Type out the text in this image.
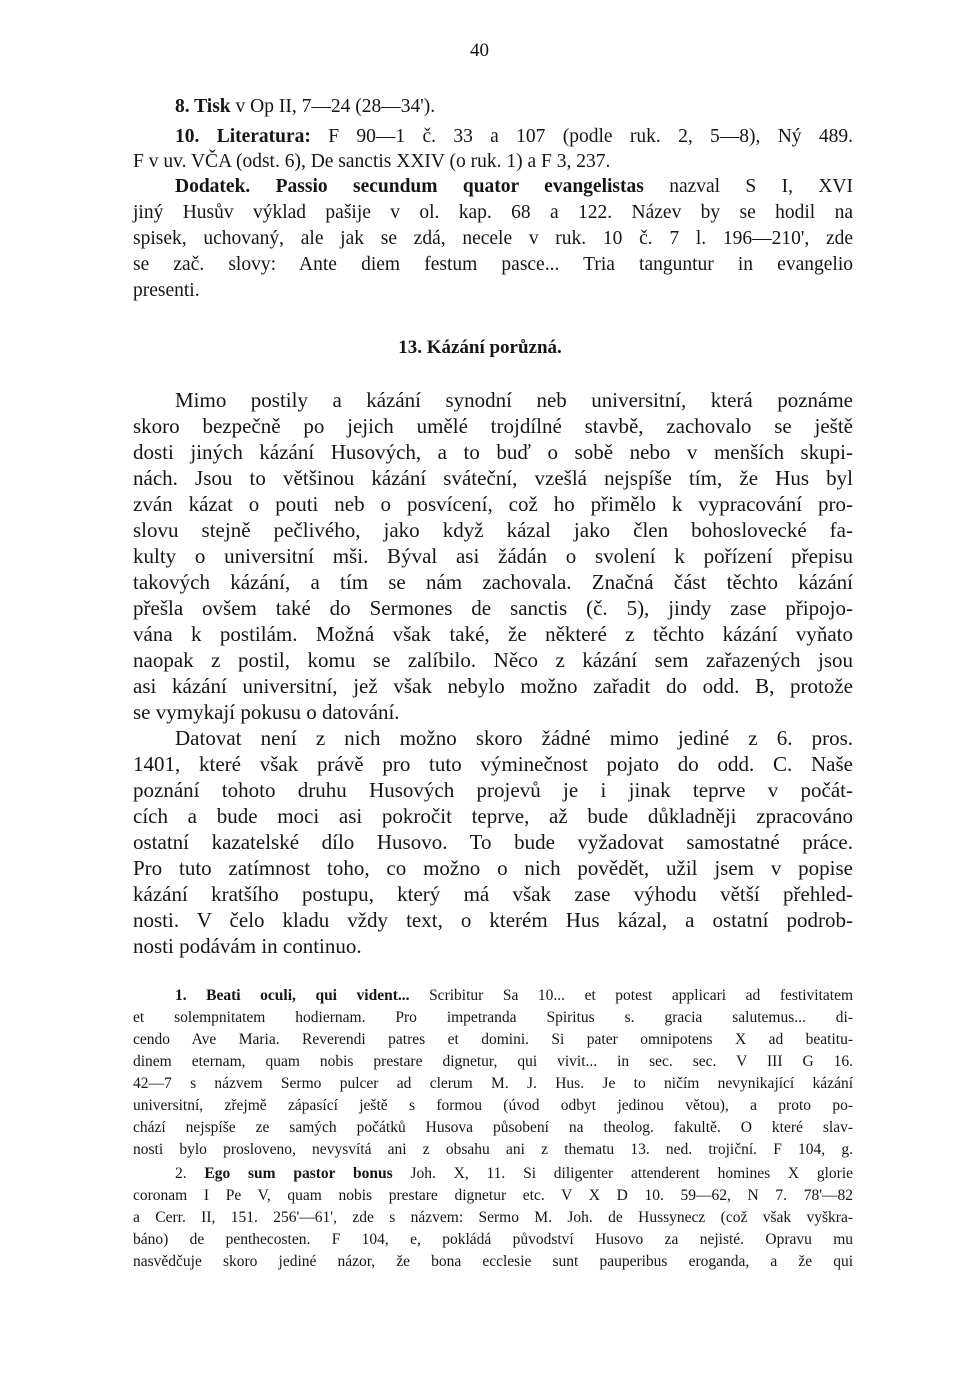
40
8. Tisk v Op II, 7—24 (28—34').
10. Literatura: F 90—1 č. 33 a 107 (podle ruk. 2, 5—8), Ný 489.
F v uv. VČA (odst. 6), De sanctis XXIV (o ruk. 1) a F 3, 237.
Dodatek. Passio secundum quator evangelistas nazval S I, XVI
jiný Husův výklad pašije v ol. kap. 68 a 122. Název by se hodil na
spisek, uchovaný, ale jak se zdá, necele v ruk. 10 č. 7 l. 196—210', zde
se zač. slovy: Ante diem festum pasce... Tria tanguntur in evangelio
presenti.
13. Kázání porůzná.
Mimo postily a kázání synodní neb universitní, která poznáme
skoro bezpečně po jejich umělé trojdílné stavbě, zachovalo se ještě
dosti jiných kázání Husových, a to buď o sobě nebo v menších skupi-
nách. Jsou to většinou kázání sváteční, vzešlá nejspíše tím, že Hus byl
zván kázat o pouti neb o posvícení, což ho přimělo k vypracování pro-
slovu stejně pečlivého, jako když kázal jako člen bohoslovecké fa-
kulty o universitní mši. Býval asi žádán o svolení k pořízení přepisu
takových kázání, a tím se nám zachovala. Značná část těchto kázání
přešla ovšem také do Sermones de sanctis (č. 5), jindy zase připojo-
vána k postilám. Možná však také, že některé z těchto kázání vyňato
naopak z postil, komu se zalíbilo. Něco z kázání sem zařazených jsou
asi kázání universitní, jež však nebylo možno zařadit do odd. B, protože
se vymykají pokusu o datování.
Datovat není z nich možno skoro žádné mimo jediné z 6. pros.
1401, které však právě pro tuto výminečnost pojato do odd. C. Naše
poznání tohoto druhu Husových projevů je i jinak teprve v počát-
cích a bude moci asi pokročit teprve, až bude důkladněji zpracováno
ostatní kazatelské dílo Husovo. To bude vyžadovat samostatné práce.
Pro tuto zatímnost toho, co možno o nich povědět, užil jsem v popise
kázání kratšího postupu, který má však zase výhodu větší přehled-
nosti. V čelo kladu vždy text, o kterém Hus kázal, a ostatní podrob-
nosti podávám in continuo.
1. Beati oculi, qui vident... Scribitur Sa 10... et potest applicari ad festivitatem
et solempnitatem hodiernam. Pro impetranda Spiritus s. gracia salutemus... di-
cendo Ave Maria. Reverendi patres et domini. Si pater omnipotens X ad beatitu-
dinem eternam, quam nobis prestare dignetur, qui vivit... in sec. sec. V III G 16.
42—7 s názvem Sermo pulcer ad clerum M. J. Hus. Je to ničím nevynikající kázání
universitní, zřejmě zápasící ještě s formou (úvod odbyt jedinou větou), a proto po-
chází nejspíše ze samých počátků Husova působení na theolog. fakultě. O které slav-
nosti bylo prosloveno, nevysvítá ani z obsahu ani z thematu 13. ned. trojiční. F 104, g.
2. Ego sum pastor bonus Joh. X, 11. Si diligenter attenderent homines X glorie
coronam I Pe V, quam nobis prestare dignetur etc. V X D 10. 59—62, N 7. 78'—82
a Cerr. II, 151. 256'—61', zde s názvem: Sermo M. Joh. de Hussynecz (což však vyškra-
báno) de penthecosten. F 104, e, pokládá původství Husovo za nejisté. Opravu mu
nasvědčuje skoro jediné názor, že bona ecclesie sunt pauperibus eroganda, a že qui
